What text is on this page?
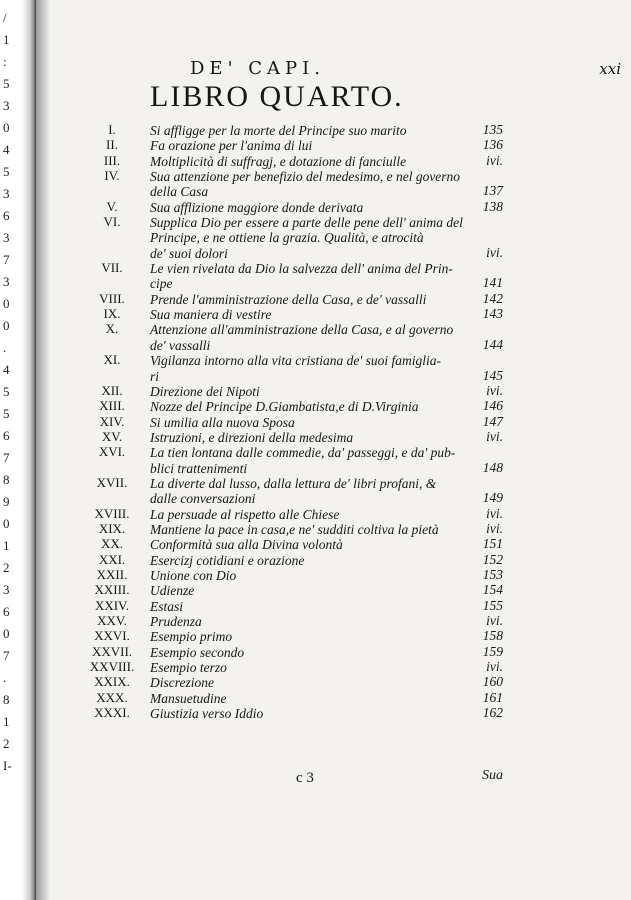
/
1
:
5
3
0
4
5
3
6
3
7
3
0
0
.
4
5
5
6
7
8
9
0
1
2
3
6
0
7
.
8
1
2
I-
DE' CAPI.	xxi
LIBRO QUARTO.
I.	Si affligge per la morte del Principe suo marito	135
II.	Fa orazione per l'anima di lui	136
III.	Moltiplicità di suffragj, e dotazione di fanciulle	ivi.
IV.	Sua attenzione per benefizio del medesimo, e nel governo
della Casa	137
V.	Sua afflizione maggiore donde derivata	138
VI.	Supplica Dio per essere a parte delle pene dell' anima del
Principe, e ne ottiene la grazia. Qualità, e atrocità
de' suoi dolori	ivi.
VII.	Le vien rivelata da Dio la salvezza dell' anima del Prin-
cipe	141
VIII.	Prende l'amministrazione della Casa, e de' vassalli	142
IX.	Sua maniera di vestire	143
X.	Attenzione all'amministrazione della Casa, e al governo
de' vassalli	144
XI.	Vigilanza intorno alla vita cristiana de' suoi famiglia-
ri	145
XII.	Direzione dei Nipoti	ivi.
XIII.	Nozze del Principe D.Giambatista,e di D.Virginia	146
XIV.	Si umilia alla nuova Sposa	147
XV.	Istruzioni, e direzioni della medesima	ivi.
XVI.	La tien lontana dalle commedie, da' passeggi, e da' pub-
blici trattenimenti	148
XVII.	La diverte dal lusso, dalla lettura de' libri profani, &
dalle conversazioni	149
XVIII.	La persuade al rispetto alle Chiese	ivi.
XIX.	Mantiene la pace in casa,e ne' sudditi coltiva la pietà	ivi.
XX.	Conformità sua alla Divina volontà	151
XXI.	Esercizj cotidiani e orazione	152
XXII.	Unione con Dio	153
XXIII.	Udienze	154
XXIV.	Estasi	155
XXV.	Prudenza	ivi.
XXVI.	Esempio primo	158
XXVII.	Esempio secondo	159
XXVIII.	Esempio terzo	ivi.
XXIX.	Discrezione	160
XXX.	Mansuetudine	161
XXXI.	Giustizia verso Iddio	162
c 3	Sua
